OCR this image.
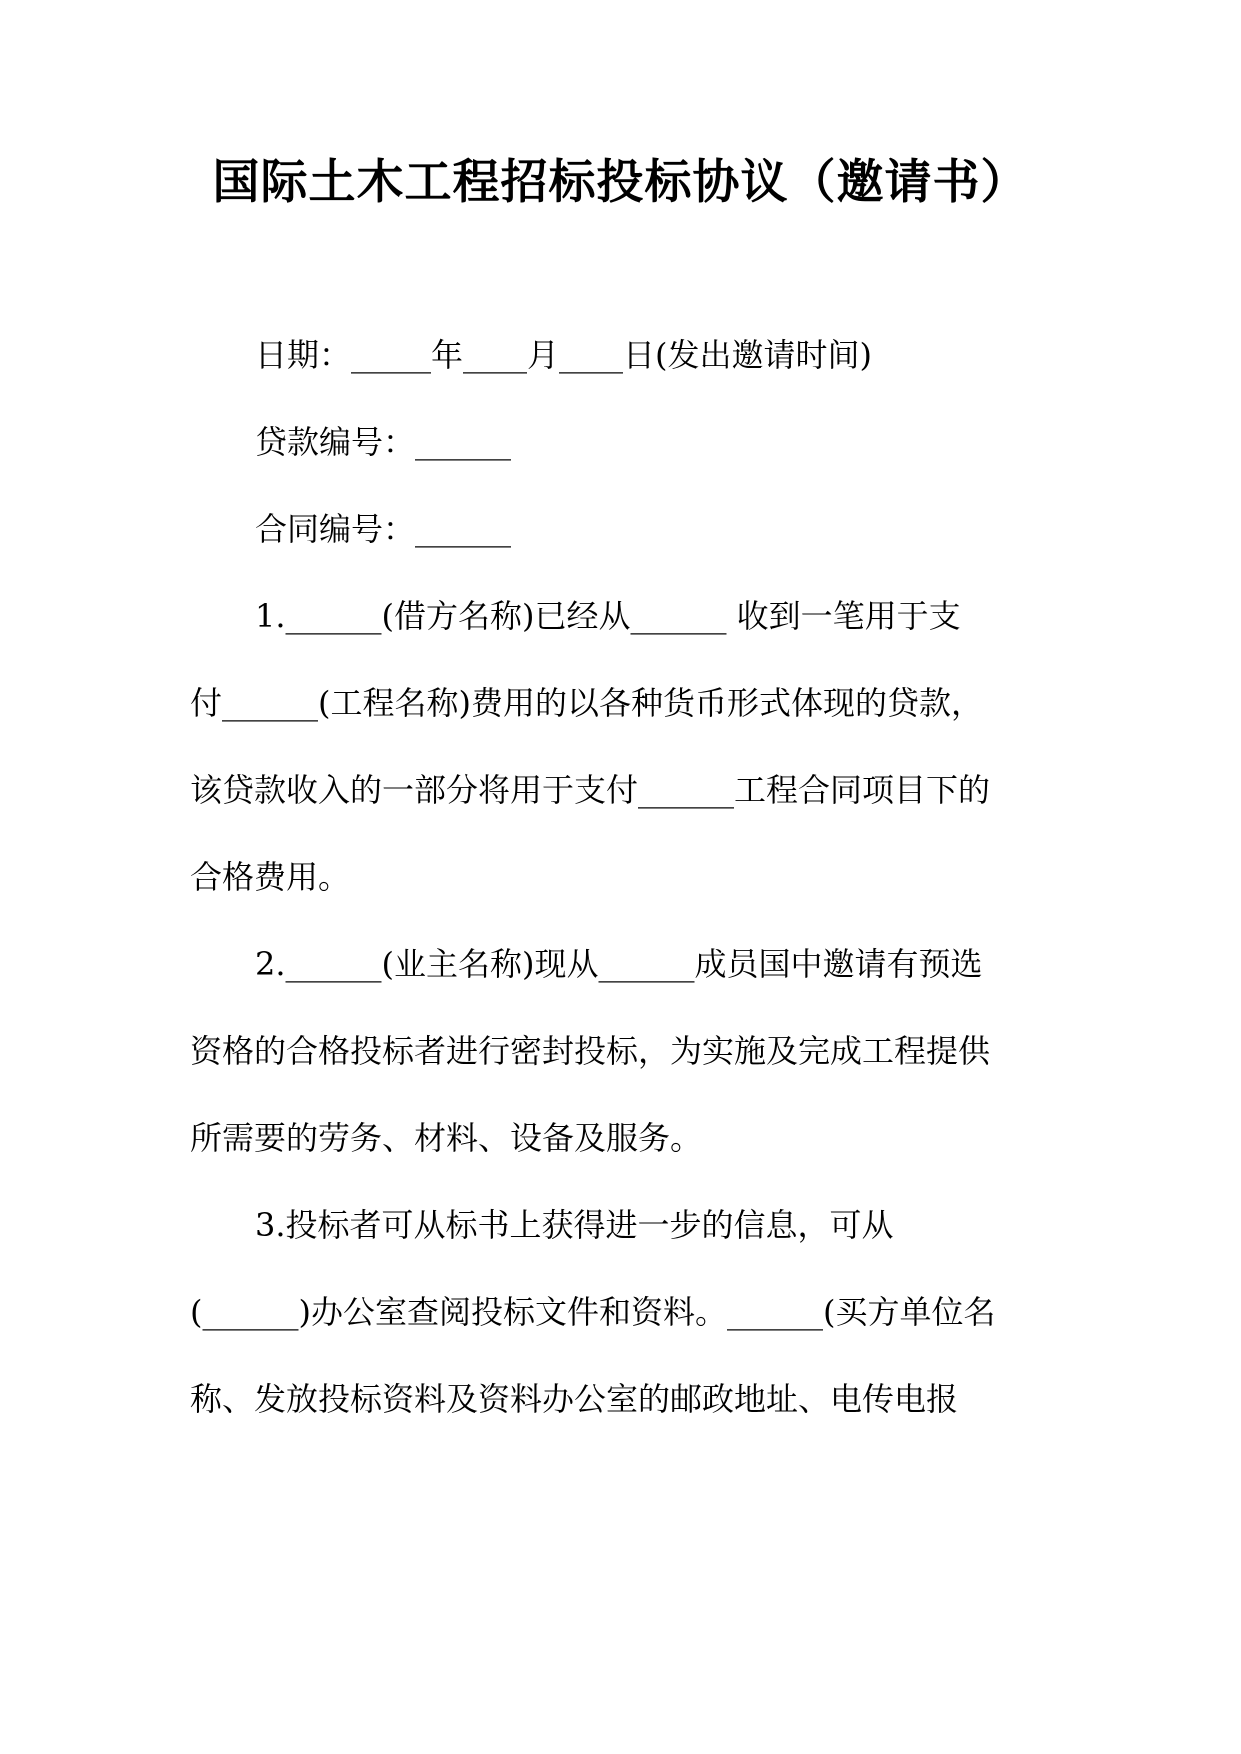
国际土木工程招标投标协议（邀请书）

日期：_____年____月____日(发出邀请时间)

贷款编号：______

合同编号：______

1.______(借方名称)已经从______ 收到一笔用于支

付______(工程名称)费用的以各种货币形式体现的贷款，

该贷款收入的一部分将用于支付______工程合同项目下的

合格费用。

2.______(业主名称)现从______成员国中邀请有预选

资格的合格投标者进行密封投标，为实施及完成工程提供

所需要的劳务、材料、设备及服务。

3.投标者可从标书上获得进一步的信息，可从

(______)办公室查阅投标文件和资料。______(买方单位名

称、发放投标资料及资料办公室的邮政地址、电传电报
